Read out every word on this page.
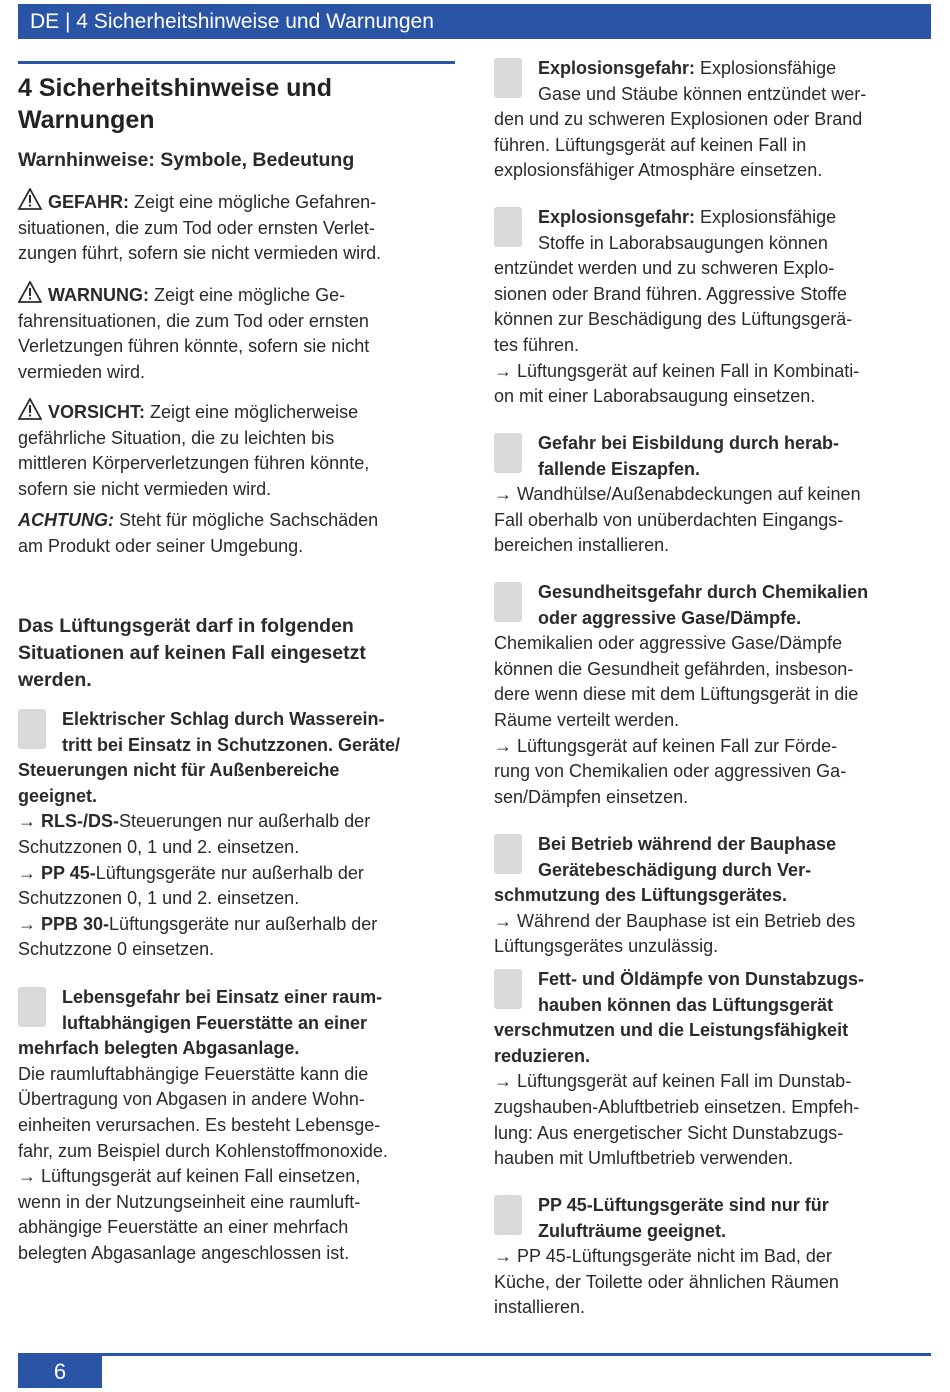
DE | 4 Sicherheitshinweise und Warnungen
4 Sicherheitshinweise und
Warnungen
Warnhinweise: Symbole, Bedeutung
GEFAHR: Zeigt eine mögliche Gefahren-
situationen, die zum Tod oder ernsten Verlet-
zungen führt, sofern sie nicht vermieden wird.
WARNUNG: Zeigt eine mögliche Ge-
fahrensituationen, die zum Tod oder ernsten
Verletzungen führen könnte, sofern sie nicht
vermieden wird.
VORSICHT: Zeigt eine möglicherweise
gefährliche Situation, die zu leichten bis
mittleren Körperverletzungen führen könnte,
sofern sie nicht vermieden wird.
ACHTUNG: Steht für mögliche Sachschäden
am Produkt oder seiner Umgebung.
Das Lüftungsgerät darf in folgenden
Situationen auf keinen Fall eingesetzt
werden.
Elektrischer Schlag durch Wasserein-
tritt bei Einsatz in Schutzzonen. Geräte/
Steuerungen nicht für Außenbereiche
geeignet.
→ RLS-/DS-Steuerungen nur außerhalb der
Schutzzonen 0, 1 und 2. einsetzen.
→ PP 45-Lüftungsgeräte nur außerhalb der
Schutzzonen 0, 1 und 2. einsetzen.
→ PPB 30-Lüftungsgeräte nur außerhalb der
Schutzzone 0 einsetzen.
Lebensgefahr bei Einsatz einer raum-
luftabhängigen Feuerstätte an einer
mehrfach belegten Abgasanlage.
Die raumluftabhängige Feuerstätte kann die
Übertragung von Abgasen in andere Wohn-
einheiten verursachen. Es besteht Lebensge-
fahr, zum Beispiel durch Kohlenstoffmonoxide.
→ Lüftungsgerät auf keinen Fall einsetzen,
wenn in der Nutzungseinheit eine raumluft-
abhängige Feuerstätte an einer mehrfach
belegten Abgasanlage angeschlossen ist.
Explosionsgefahr: Explosionsfähige
Gase und Stäube können entzündet wer-
den und zu schweren Explosionen oder Brand
führen. Lüftungsgerät auf keinen Fall in
explosionsfähiger Atmosphäre einsetzen.
Explosionsgefahr: Explosionsfähige
Stoffe in Laborabsaugungen können
entzündet werden und zu schweren Explo-
sionen oder Brand führen. Aggressive Stoffe
können zur Beschädigung des Lüftungsgerä-
tes führen.
→ Lüftungsgerät auf keinen Fall in Kombinati-
on mit einer Laborabsaugung einsetzen.
Gefahr bei Eisbildung durch herab-
fallende Eiszapfen.
→ Wandhülse/Außenabdeckungen auf keinen
Fall oberhalb von unüberdachten Eingangs-
bereichen installieren.
Gesundheitsgefahr durch Chemikalien
oder aggressive Gase/Dämpfe.
Chemikalien oder aggressive Gase/Dämpfe
können die Gesundheit gefährden, insbeson-
dere wenn diese mit dem Lüftungsgerät in die
Räume verteilt werden.
→ Lüftungsgerät auf keinen Fall zur Förde-
rung von Chemikalien oder aggressiven Ga-
sen/Dämpfen einsetzen.
Bei Betrieb während der Bauphase
Gerätebeschädigung durch Ver-
schmutzung des Lüftungsgerätes.
→ Während der Bauphase ist ein Betrieb des
Lüftungsgerätes unzulässig.
Fett- und Öldämpfe von Dunstabzugs-
hauben können das Lüftungsgerät
verschmutzen und die Leistungsfähigkeit
reduzieren.
→ Lüftungsgerät auf keinen Fall im Dunstab-
zugshauben-Abluftbetrieb einsetzen. Empfeh-
lung: Aus energetischer Sicht Dunstabzugs-
hauben mit Umluftbetrieb verwenden.
PP 45-Lüftungsgeräte sind nur für
Zulufträume geeignet.
→ PP 45-Lüftungsgeräte nicht im Bad, der
Küche, der Toilette oder ähnlichen Räumen
installieren.
6
